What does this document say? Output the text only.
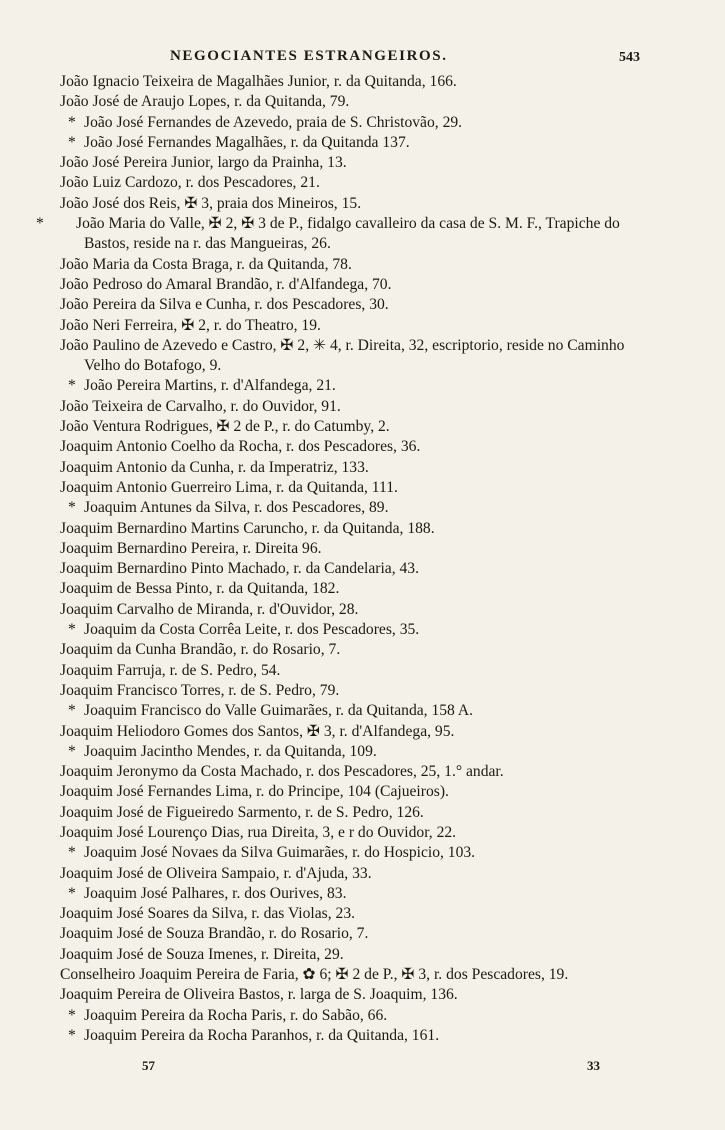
NEGOCIANTES ESTRANGEIROS.	543
João Ignacio Teixeira de Magalhães Junior, r. da Quitanda, 166.
João José de Araujo Lopes, r. da Quitanda, 79.
* João José Fernandes de Azevedo, praia de S. Christovão, 29.
* João José Fernandes Magalhães, r. da Quitanda 137.
João José Pereira Junior, largo da Prainha, 13.
João Luiz Cardozo, r. dos Pescadores, 21.
João José dos Reis, ✠ 3, praia dos Mineiros, 15.
* João Maria do Valle, ✠ 2, ✠ 3 de P., fidalgo cavalleiro da casa de S. M. F., Trapiche do Bastos, reside na r. das Mangueiras, 26.
João Maria da Costa Braga, r. da Quitanda, 78.
João Pedroso do Amaral Brandão, r. d'Alfandega, 70.
João Pereira da Silva e Cunha, r. dos Pescadores, 30.
João Neri Ferreira, ✠ 2, r. do Theatro, 19.
João Paulino de Azevedo e Castro, ✠ 2, ✳ 4, r. Direita, 32, escriptorio, reside no Caminho Velho do Botafogo, 9.
* João Pereira Martins, r. d'Alfandega, 21.
João Teixeira de Carvalho, r. do Ouvidor, 91.
João Ventura Rodrigues, ✠ 2 de P., r. do Catumby, 2.
Joaquim Antonio Coelho da Rocha, r. dos Pescadores, 36.
Joaquim Antonio da Cunha, r. da Imperatriz, 133.
Joaquim Antonio Guerreiro Lima, r. da Quitanda, 111.
* Joaquim Antunes da Silva, r. dos Pescadores, 89.
Joaquim Bernardino Martins Caruncho, r. da Quitanda, 188.
Joaquim Bernardino Pereira, r. Direita 96.
Joaquim Bernardino Pinto Machado, r. da Candelaria, 43.
Joaquim de Bessa Pinto, r. da Quitanda, 182.
Joaquim Carvalho de Miranda, r. d'Ouvidor, 28.
* Joaquim da Costa Corrêa Leite, r. dos Pescadores, 35.
Joaquim da Cunha Brandão, r. do Rosario, 7.
Joaquim Farruja, r. de S. Pedro, 54.
Joaquim Francisco Torres, r. de S. Pedro, 79.
* Joaquim Francisco do Valle Guimarães, r. da Quitanda, 158 A.
Joaquim Heliodoro Gomes dos Santos, ✠ 3, r. d'Alfandega, 95.
* Joaquim Jacintho Mendes, r. da Quitanda, 109.
Joaquim Jeronymo da Costa Machado, r. dos Pescadores, 25, 1.° andar.
Joaquim José Fernandes Lima, r. do Principe, 104 (Cajueiros).
Joaquim José de Figueiredo Sarmento, r. de S. Pedro, 126.
Joaquim José Lourenço Dias, rua Direita, 3, e r do Ouvidor, 22.
* Joaquim José Novaes da Silva Guimarães, r. do Hospicio, 103.
Joaquim José de Oliveira Sampaio, r. d'Ajuda, 33.
* Joaquim José Palhares, r. dos Ourives, 83.
Joaquim José Soares da Silva, r. das Violas, 23.
Joaquim José de Souza Brandão, r. do Rosario, 7.
Joaquim José de Souza Imenes, r. Direita, 29.
Conselheiro Joaquim Pereira de Faria, ✿ 6; ✠ 2 de P., ✠ 3, r. dos Pescadores, 19.
Joaquim Pereira de Oliveira Bastos, r. larga de S. Joaquim, 136.
* Joaquim Pereira da Rocha Paris, r. do Sabão, 66.
* Joaquim Pereira da Rocha Paranhos, r. da Quitanda, 161.
57	33
